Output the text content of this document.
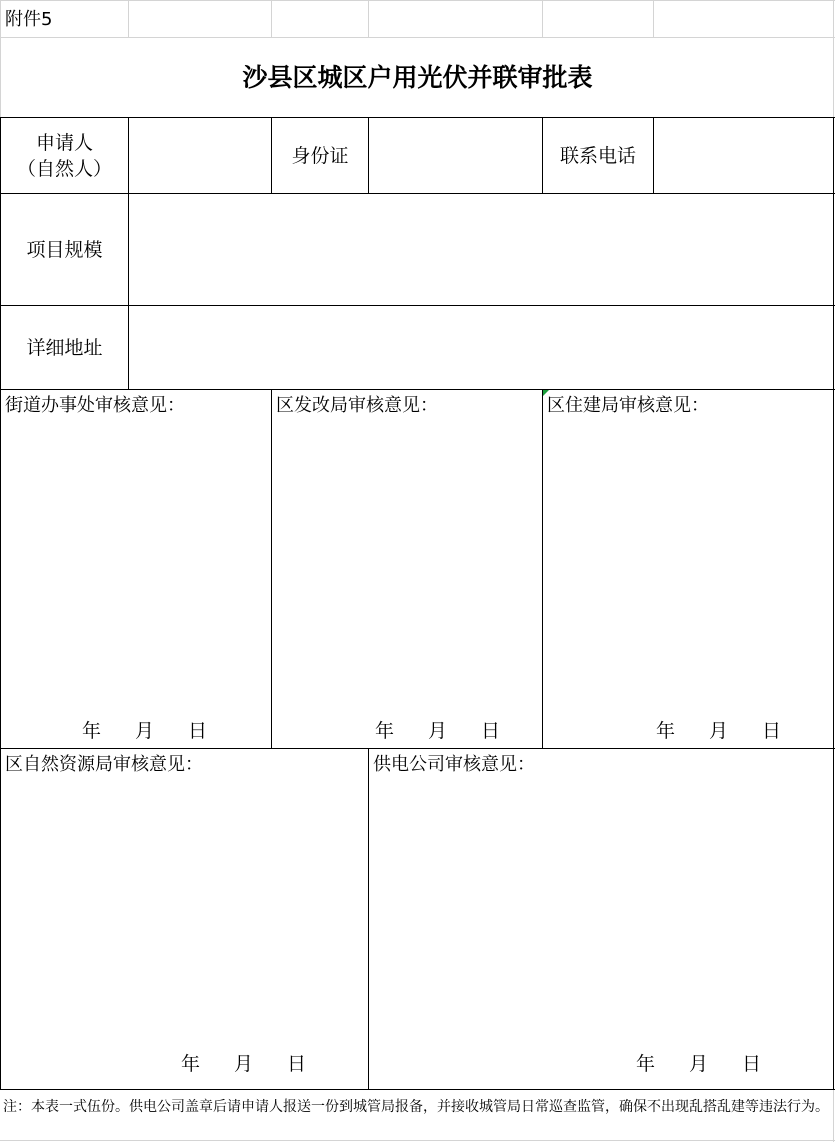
附件5
沙县区城区户用光伏并联审批表
申请人
（自然人）
身份证	联系电话
项目规模
详细地址
街道办事处审核意见：
年 月 日
区发改局审核意见：
年 月 日
区住建局审核意见：
年 月 日
区自然资源局审核意见：
年 月 日
供电公司审核意见：
年 月 日
注：本表一式伍份。供电公司盖章后请申请人报送一份到城管局报备，并接收城管局日常巡查监管，确保不出现乱搭乱建等违法行为。
